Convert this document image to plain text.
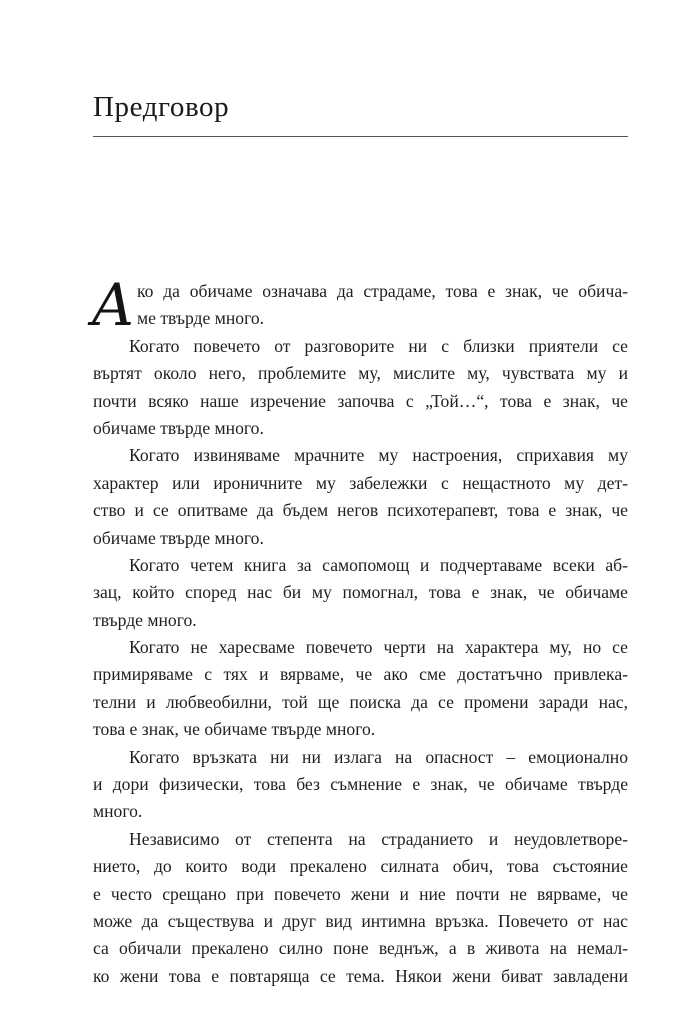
Предговор
А ко да обичаме означава да страдаме, това е знак, че обича-
ме твърде много.
Когато повечето от разговорите ни с близки приятели се
въртят около него, проблемите му, мислите му, чувствата му и
почти всяко наше изречение започва с „Той…“, това е знак, че
обичаме твърде много.
Когато извиняваме мрачните му настроения, сприхавия му
характер или ироничните му забележки с нещастното му дет-
ство и се опитваме да бъдем негов психотерапевт, това е знак, че
обичаме твърде много.
Когато четем книга за самопомощ и подчертаваме всеки аб-
зац, който според нас би му помогнал, това е знак, че обичаме
твърде много.
Когато не харесваме повечето черти на характера му, но се
примиряваме с тях и вярваме, че ако сме достатъчно привлека-
телни и любвеобилни, той ще поиска да се промени заради нас,
това е знак, че обичаме твърде много.
Когато връзката ни ни излага на опасност – емоционално
и дори физически, това без съмнение е знак, че обичаме твърде
много.
Независимо от степента на страданието и неудовлетворе-
нието, до които води прекалено силната обич, това състояние
е често срещано при повечето жени и ние почти не вярваме, че
може да съществува и друг вид интимна връзка. Повечето от нас
са обичали прекалено силно поне веднъж, а в живота на немал-
ко жени това е повтаряща се тема. Някои жени биват завладени
